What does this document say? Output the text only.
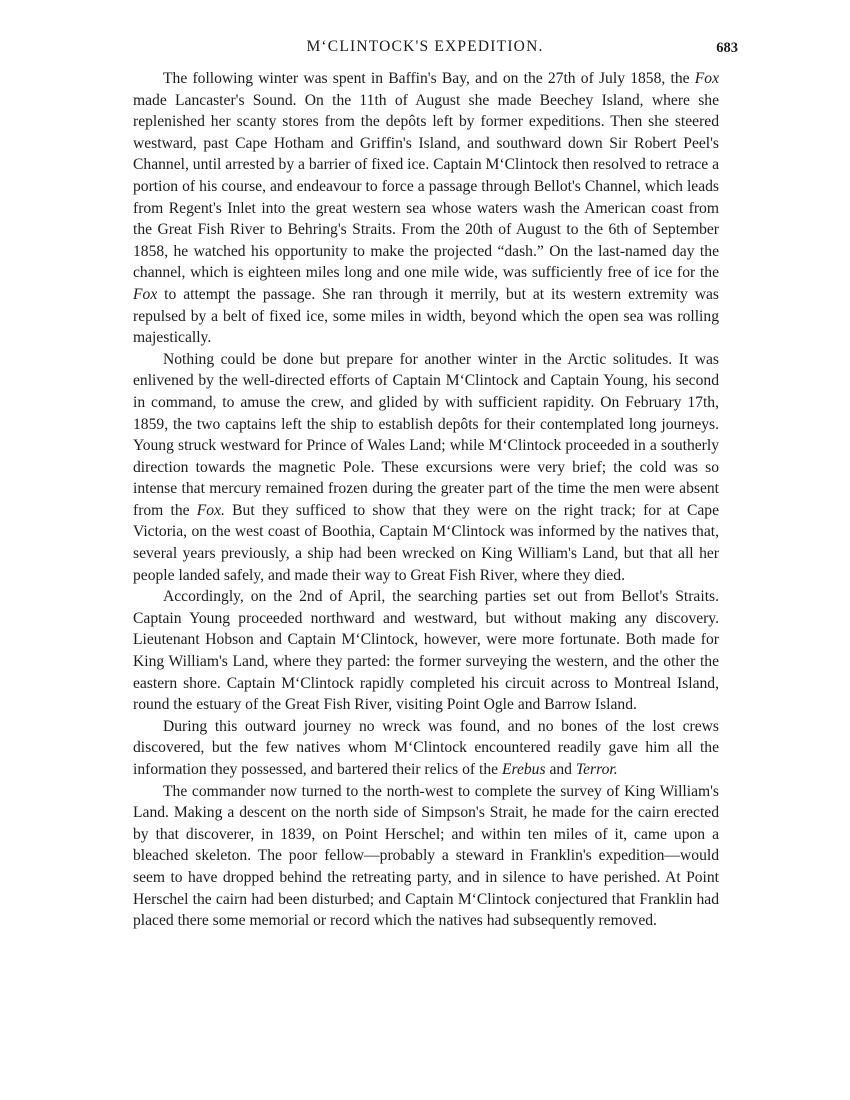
M‘CLINTOCK'S EXPEDITION.	683

The following winter was spent in Baffin's Bay, and on the 27th of July 1858, the Fox made Lancaster's Sound. On the 11th of August she made Beechey Island, where she replenished her scanty stores from the depôts left by former expeditions. Then she steered westward, past Cape Hotham and Griffin's Island, and southward down Sir Robert Peel's Channel, until arrested by a barrier of fixed ice. Captain M‘Clintock then resolved to retrace a portion of his course, and endeavour to force a passage through Bellot's Channel, which leads from Regent's Inlet into the great western sea whose waters wash the American coast from the Great Fish River to Behring's Straits. From the 20th of August to the 6th of September 1858, he watched his opportunity to make the projected “dash.” On the last-named day the channel, which is eighteen miles long and one mile wide, was sufficiently free of ice for the Fox to attempt the passage. She ran through it merrily, but at its western extremity was repulsed by a belt of fixed ice, some miles in width, beyond which the open sea was rolling majestically.

Nothing could be done but prepare for another winter in the Arctic solitudes. It was enlivened by the well-directed efforts of Captain M‘Clintock and Captain Young, his second in command, to amuse the crew, and glided by with sufficient rapidity. On February 17th, 1859, the two captains left the ship to establish depôts for their contemplated long journeys. Young struck westward for Prince of Wales Land; while M‘Clintock proceeded in a southerly direction towards the magnetic Pole. These excursions were very brief; the cold was so intense that mercury remained frozen during the greater part of the time the men were absent from the Fox. But they sufficed to show that they were on the right track; for at Cape Victoria, on the west coast of Boothia, Captain M‘Clintock was informed by the natives that, several years previously, a ship had been wrecked on King William's Land, but that all her people landed safely, and made their way to Great Fish River, where they died.

Accordingly, on the 2nd of April, the searching parties set out from Bellot's Straits. Captain Young proceeded northward and westward, but without making any discovery. Lieutenant Hobson and Captain M‘Clintock, however, were more fortunate. Both made for King William's Land, where they parted: the former surveying the western, and the other the eastern shore. Captain M‘Clintock rapidly completed his circuit across to Montreal Island, round the estuary of the Great Fish River, visiting Point Ogle and Barrow Island.

During this outward journey no wreck was found, and no bones of the lost crews discovered, but the few natives whom M‘Clintock encountered readily gave him all the information they possessed, and bartered their relics of the Erebus and Terror.

The commander now turned to the north-west to complete the survey of King William's Land. Making a descent on the north side of Simpson's Strait, he made for the cairn erected by that discoverer, in 1839, on Point Herschel; and within ten miles of it, came upon a bleached skeleton. The poor fellow—probably a steward in Franklin's expedition—would seem to have dropped behind the retreating party, and in silence to have perished. At Point Herschel the cairn had been disturbed; and Captain M‘Clintock conjectured that Franklin had placed there some memorial or record which the natives had subsequently removed.
